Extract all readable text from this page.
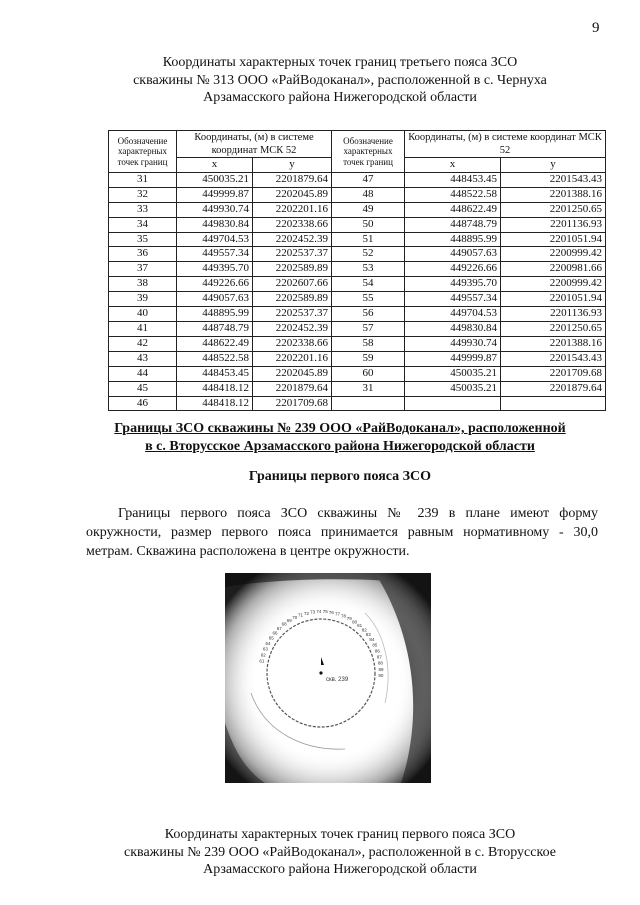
9
Координаты характерных точек границ третьего пояса ЗСО
скважины № 313 ООО «РайВодоканал», расположенной в с. Чернуха
Арзамасского района Нижегородской области
Обозначение характерных точек границ	Координаты, (м) в системе координат МСК 52		Обозначение характерных точек границ	Координаты, (м) в системе координат МСК 52	
	x	y		x	y
31	450035.21	2201879.64	47	448453.45	2201543.43
32	449999.87	2202045.89	48	448522.58	2201388.16
33	449930.74	2202201.16	49	448622.49	2201250.65
34	449830.84	2202338.66	50	448748.79	2201136.93
35	449704.53	2202452.39	51	448895.99	2201051.94
36	449557.34	2202537.37	52	449057.63	2200999.42
37	449395.70	2202589.89	53	449226.66	2200981.66
38	449226.66	2202607.66	54	449395.70	2200999.42
39	449057.63	2202589.89	55	449557.34	2201051.94
40	448895.99	2202537.37	56	449704.53	2201136.93
41	448748.79	2202452.39	57	449830.84	2201250.65
42	448622.49	2202338.66	58	449930.74	2201388.16
43	448522.58	2202201.16	59	449999.87	2201543.43
44	448453.45	2202045.89	60	450035.21	2201709.68
45	448418.12	2201879.64	31	450035.21	2201879.64
46	448418.12	2201709.68			
Границы ЗСО скважины № 239 ООО «РайВодоканал», расположенной
в с. Вторусское Арзамасского района Нижегородской области
Границы первого пояса ЗСО
Границы первого пояса ЗСО скважины № 239 в плане имеют форму
окружности, размер первого пояса принимается равным нормативному - 30,0 метрам. Скважина расположена в центре окружности.
скв. 239
61
62
63
64
65
66
67
68
69
70 71 72 73 74 75 76 77 78
79
80
81
82
83
84
85
86
87
88
89
90
Координаты характерных точек границ первого пояса ЗСО
скважины № 239 ООО «РайВодоканал», расположенной в с. Вторусское
Арзамасского района Нижегородской области
